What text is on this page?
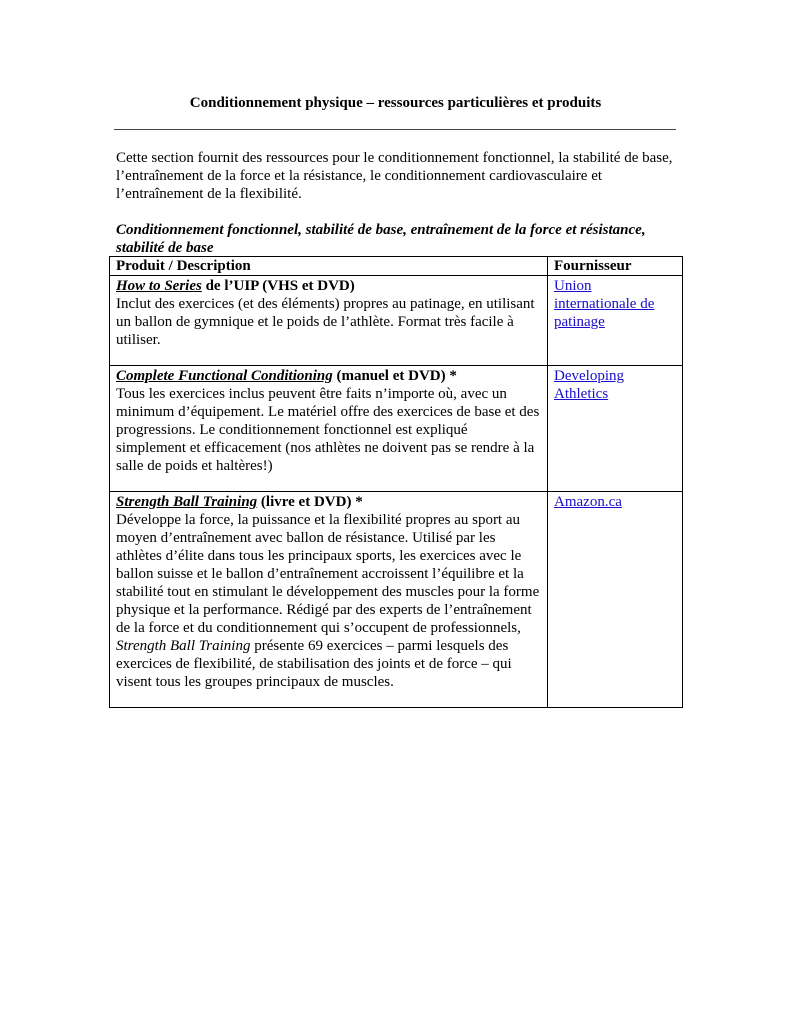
Conditionnement physique – ressources particulières et produits

Cette section fournit des ressources pour le conditionnement fonctionnel, la stabilité de base, l’entraînement de la force et la résistance, le conditionnement cardiovasculaire et l’entraînement de la flexibilité.

Conditionnement fonctionnel, stabilité de base, entraînement de la force et résistance, stabilité de base

Produit / Description	Fournisseur

How to Series de l’UIP (VHS et DVD)
Inclut des exercices (et des éléments) propres au patinage, en utilisant un ballon de gymnique et le poids de l’athlète. Format très facile à utiliser.	Union internationale de patinage

Complete Functional Conditioning (manuel et DVD) *
Tous les exercices inclus peuvent être faits n’importe où, avec un minimum d’équipement. Le matériel offre des exercices de base et des progressions. Le conditionnement fonctionnel est expliqué simplement et efficacement (nos athlètes ne doivent pas se rendre à la salle de poids et haltères!)	Developing Athletics

Strength Ball Training (livre et DVD) *
Développe la force, la puissance et la flexibilité propres au sport au moyen d’entraînement avec ballon de résistance. Utilisé par les athlètes d’élite dans tous les principaux sports, les exercices avec le ballon suisse et le ballon d’entraînement accroissent l’équilibre et la stabilité tout en stimulant le développement des muscles pour la forme physique et la performance. Rédigé par des experts de l’entraînement de la force et du conditionnement qui s’occupent de professionnels, Strength Ball Training présente 69 exercices – parmi lesquels des exercices de flexibilité, de stabilisation des joints et de force – qui visent tous les groupes principaux de muscles.	Amazon.ca
